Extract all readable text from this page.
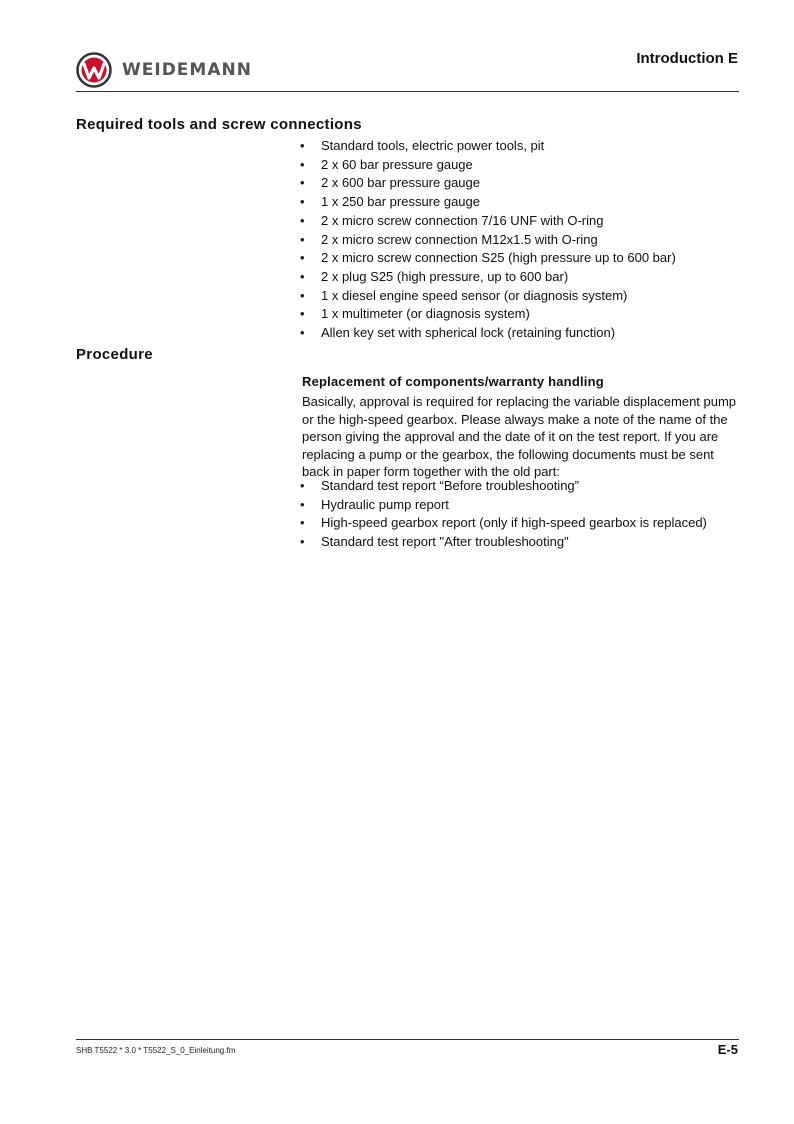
WEIDEMANN
Introduction E
Required tools and screw connections
• Standard tools, electric power tools, pit
• 2 x 60 bar pressure gauge
• 2 x 600 bar pressure gauge
• 1 x 250 bar pressure gauge
• 2 x micro screw connection 7/16 UNF with O-ring
• 2 x micro screw connection M12x1.5 with O-ring
• 2 x micro screw connection S25 (high pressure up to 600 bar)
• 2 x plug S25 (high pressure, up to 600 bar)
• 1 x diesel engine speed sensor (or diagnosis system)
• 1 x multimeter (or diagnosis system)
• Allen key set with spherical lock (retaining function)
Procedure
Replacement of components/warranty handling

Basically, approval is required for replacing the variable displacement pump or the high-speed gearbox. Please always make a note of the name of the person giving the approval and the date of it on the test report. If you are replacing a pump or the gearbox, the following documents must be sent back in paper form together with the old part:

• Standard test report “Before troubleshooting”
• Hydraulic pump report
• High-speed gearbox report (only if high-speed gearbox is replaced)
• Standard test report "After troubleshooting"
SHB T5522 * 3.0 * T5522_S_0_Einleitung.fm	E-5
